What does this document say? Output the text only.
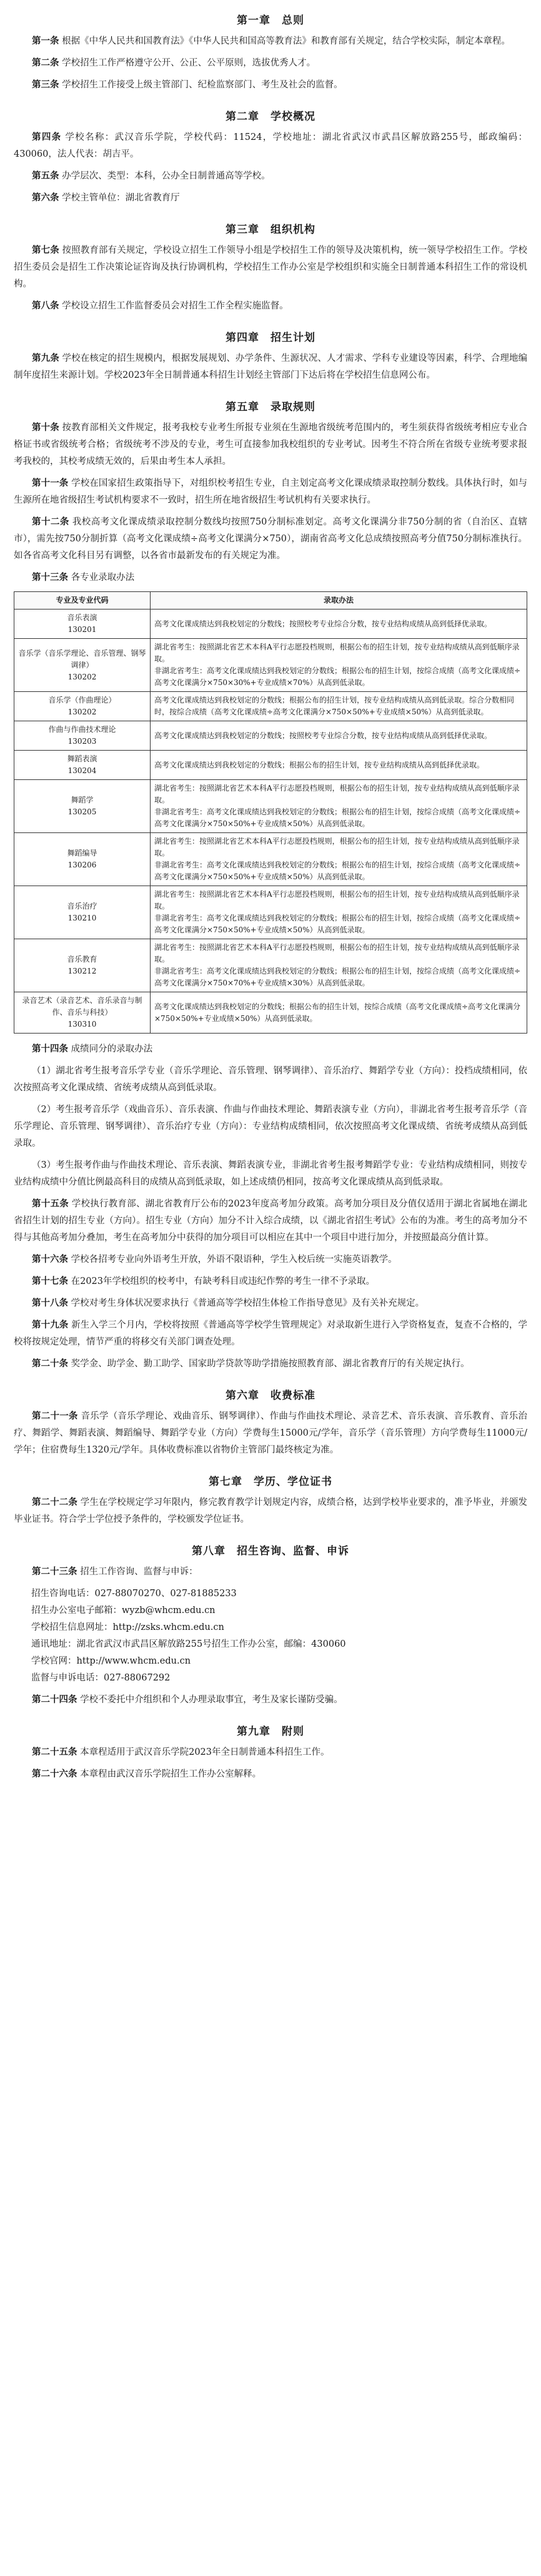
第一章　总则

第一条 根据《中华人民共和国教育法》《中华人民共和国高等教育法》和教育部有关规定，结合学校实际，制定本章程。

第二条 学校招生工作严格遵守公开、公正、公平原则，选拔优秀人才。

第三条 学校招生工作接受上级主管部门、纪检监察部门、考生及社会的监督。

第二章　学校概况

第四条 学校名称：武汉音乐学院，学校代码：11524，学校地址：湖北省武汉市武昌区解放路255号，邮政编码：430060，法人代表：胡吉平。

第五条 办学层次、类型：本科，公办全日制普通高等学校。

第六条 学校主管单位：湖北省教育厅

第三章　组织机构

第七条 按照教育部有关规定，学校设立招生工作领导小组是学校招生工作的领导及决策机构，统一领导学校招生工作。学校招生委员会是招生工作决策论证咨询及执行协调机构，学校招生工作办公室是学校组织和实施全日制普通本科招生工作的常设机构。

第八条 学校设立招生工作监督委员会对招生工作全程实施监督。

第四章　招生计划

第九条 学校在核定的招生规模内，根据发展规划、办学条件、生源状况、人才需求、学科专业建设等因素，科学、合理地编制年度招生来源计划。学校2023年全日制普通本科招生计划经主管部门下达后将在学校招生信息网公布。

第五章　录取规则

第十条 按教育部相关文件规定，报考我校专业考生所报专业须在生源地省级统考范围内的，考生须获得省级统考相应专业合格证书或省级统考合格；省级统考不涉及的专业，考生可直接参加我校组织的专业考试。因考生不符合所在省级专业统考要求报考我校的，其校考成绩无效的，后果由考生本人承担。

第十一条 学校在国家招生政策指导下，对组织校考招生专业，自主划定高考文化课成绩录取控制分数线。具体执行时，如与生源所在地省级招生考试机构要求不一致时，招生所在地省级招生考试机构有关要求执行。

第十二条 我校高考文化课成绩录取控制分数线均按照750分制标准划定。高考文化课满分非750分制的省（自治区、直辖市），需先按750分制折算（高考文化课成绩÷高考文化课满分×750），湖南省高考文化总成绩按照高考分值750分制标准执行。如各省高考文化科目另有调整，以各省市最新发布的有关规定为准。

第十三条 各专业录取办法

专业及专业代码	录取办法

音乐表演
130201	高考文化课成绩达到我校划定的分数线；按照校考专业综合分数，按专业结构成绩从高到低择优录取。

音乐学（音乐学理论、音乐管理、钢琴调律）
130202	湖北省考生：按照湖北省艺术本科A平行志愿投档规则，根据公布的招生计划，按专业结构成绩从高到低顺序录取。
非湖北省考生：高考文化课成绩达到我校划定的分数线；根据公布的招生计划，按综合成绩（高考文化课成绩÷高考文化课满分×750×30%+专业成绩×70%）从高到低录取。

音乐学（作曲理论）
130202	高考文化课成绩达到我校划定的分数线；根据公布的招生计划，按专业结构成绩从高到低录取。综合分数相同时，按综合成绩（高考文化课成绩÷高考文化课满分×750×50%+专业成绩×50%）从高到低录取。

作曲与作曲技术理论
130203	高考文化课成绩达到我校划定的分数线；按照校考专业综合分数，按专业结构成绩从高到低择优录取。

舞蹈表演
130204	高考文化课成绩达到我校划定的分数线；根据公布的招生计划，按专业结构成绩从高到低择优录取。

舞蹈学
130205	湖北省考生：按照湖北省艺术本科A平行志愿投档规则，根据公布的招生计划，按专业结构成绩从高到低顺序录取。
非湖北省考生：高考文化课成绩达到我校划定的分数线；根据公布的招生计划，按综合成绩（高考文化课成绩÷高考文化课满分×750×50%+专业成绩×50%）从高到低录取。

舞蹈编导
130206	湖北省考生：按照湖北省艺术本科A平行志愿投档规则，根据公布的招生计划，按专业结构成绩从高到低顺序录取。
非湖北省考生：高考文化课成绩达到我校划定的分数线；根据公布的招生计划，按综合成绩（高考文化课成绩÷高考文化课满分×750×50%+专业成绩×50%）从高到低录取。

音乐治疗
130210	湖北省考生：按照湖北省艺术本科A平行志愿投档规则，根据公布的招生计划，按专业结构成绩从高到低顺序录取。
非湖北省考生：高考文化课成绩达到我校划定的分数线；根据公布的招生计划，按综合成绩（高考文化课成绩÷高考文化课满分×750×50%+专业成绩×50%）从高到低录取。

音乐教育
130212	湖北省考生：按照湖北省艺术本科A平行志愿投档规则，根据公布的招生计划，按专业结构成绩从高到低顺序录取。
非湖北省考生：高考文化课成绩达到我校划定的分数线；根据公布的招生计划，按综合成绩（高考文化课成绩÷高考文化课满分×750×70%+专业成绩×30%）从高到低录取。

录音艺术（录音艺术、音乐录音与制作、音乐与科技）
130310	高考文化课成绩达到我校划定的分数线；根据公布的招生计划，按综合成绩（高考文化课成绩÷高考文化课满分×750×50%+专业成绩×50%）从高到低录取。

第十四条 成绩同分的录取办法

（1）湖北省考生报考音乐学专业（音乐学理论、音乐管理、钢琴调律）、音乐治疗、舞蹈学专业（方向）：投档成绩相同，依次按照高考文化课成绩、省统考成绩从高到低录取。

（2）考生报考音乐学（戏曲音乐）、音乐表演、作曲与作曲技术理论、舞蹈表演专业（方向），非湖北省考生报考音乐学（音乐学理论、音乐管理、钢琴调律）、音乐治疗专业（方向）：专业结构成绩相同，依次按照高考文化课成绩、省统考成绩从高到低录取。

（3）考生报考作曲与作曲技术理论、音乐表演、舞蹈表演专业，非湖北省考生报考舞蹈学专业：专业结构成绩相同，则按专业结构成绩中分值比例最高科目的成绩从高到低录取，如上述成绩仍相同，按高考文化课成绩从高到低录取。

第十五条 学校执行教育部、湖北省教育厅公布的2023年度高考加分政策。高考加分项目及分值仅适用于湖北省属地在湖北省招生计划的招生专业（方向）。招生专业（方向）加分不计入综合成绩，以《湖北省招生考试》公布的为准。考生的高考加分不得与其他高考加分叠加，考生在高考加分中获得的加分项目可以相应在其中一个项目中进行加分，并按照最高分值计算。

第十六条 学校各招考专业向外语考生开放，外语不限语种，学生入校后统一实施英语教学。

第十七条 在2023年学校组织的校考中，有缺考科目或违纪作弊的考生一律不予录取。

第十八条 学校对考生身体状况要求执行《普通高等学校招生体检工作指导意见》及有关补充规定。

第十九条 新生入学三个月内，学校将按照《普通高等学校学生管理规定》对录取新生进行入学资格复查，复查不合格的，学校将按规定处理，情节严重的将移交有关部门调查处理。

第二十条 奖学金、助学金、勤工助学、国家助学贷款等助学措施按照教育部、湖北省教育厅的有关规定执行。

第六章　收费标准

第二十一条 音乐学（音乐学理论、戏曲音乐、钢琴调律）、作曲与作曲技术理论、录音艺术、音乐表演、音乐教育、音乐治疗、舞蹈学、舞蹈表演、舞蹈编导、舞蹈学专业（方向）学费每生15000元/学年，音乐学（音乐管理）方向学费每生11000元/学年；住宿费每生1320元/学年。具体收费标准以省物价主管部门最终核定为准。

第七章　学历、学位证书

第二十二条 学生在学校规定学习年限内，修完教育教学计划规定内容，成绩合格，达到学校毕业要求的，准予毕业，并颁发毕业证书。符合学士学位授予条件的，学校颁发学位证书。

第八章　招生咨询、监督、申诉

第二十三条 招生工作咨询、监督与申诉：

招生咨询电话：027-88070270、027-81885233

招生办公室电子邮箱：wyzb@whcm.edu.cn

学校招生信息网址：http://zsks.whcm.edu.cn

通讯地址：湖北省武汉市武昌区解放路255号招生工作办公室，邮编：430060

学校官网：http://www.whcm.edu.cn

监督与申诉电话：027-88067292

第二十四条 学校不委托中介组织和个人办理录取事宜，考生及家长谨防受骗。

第九章　附则

第二十五条 本章程适用于武汉音乐学院2023年全日制普通本科招生工作。

第二十六条 本章程由武汉音乐学院招生工作办公室解释。
